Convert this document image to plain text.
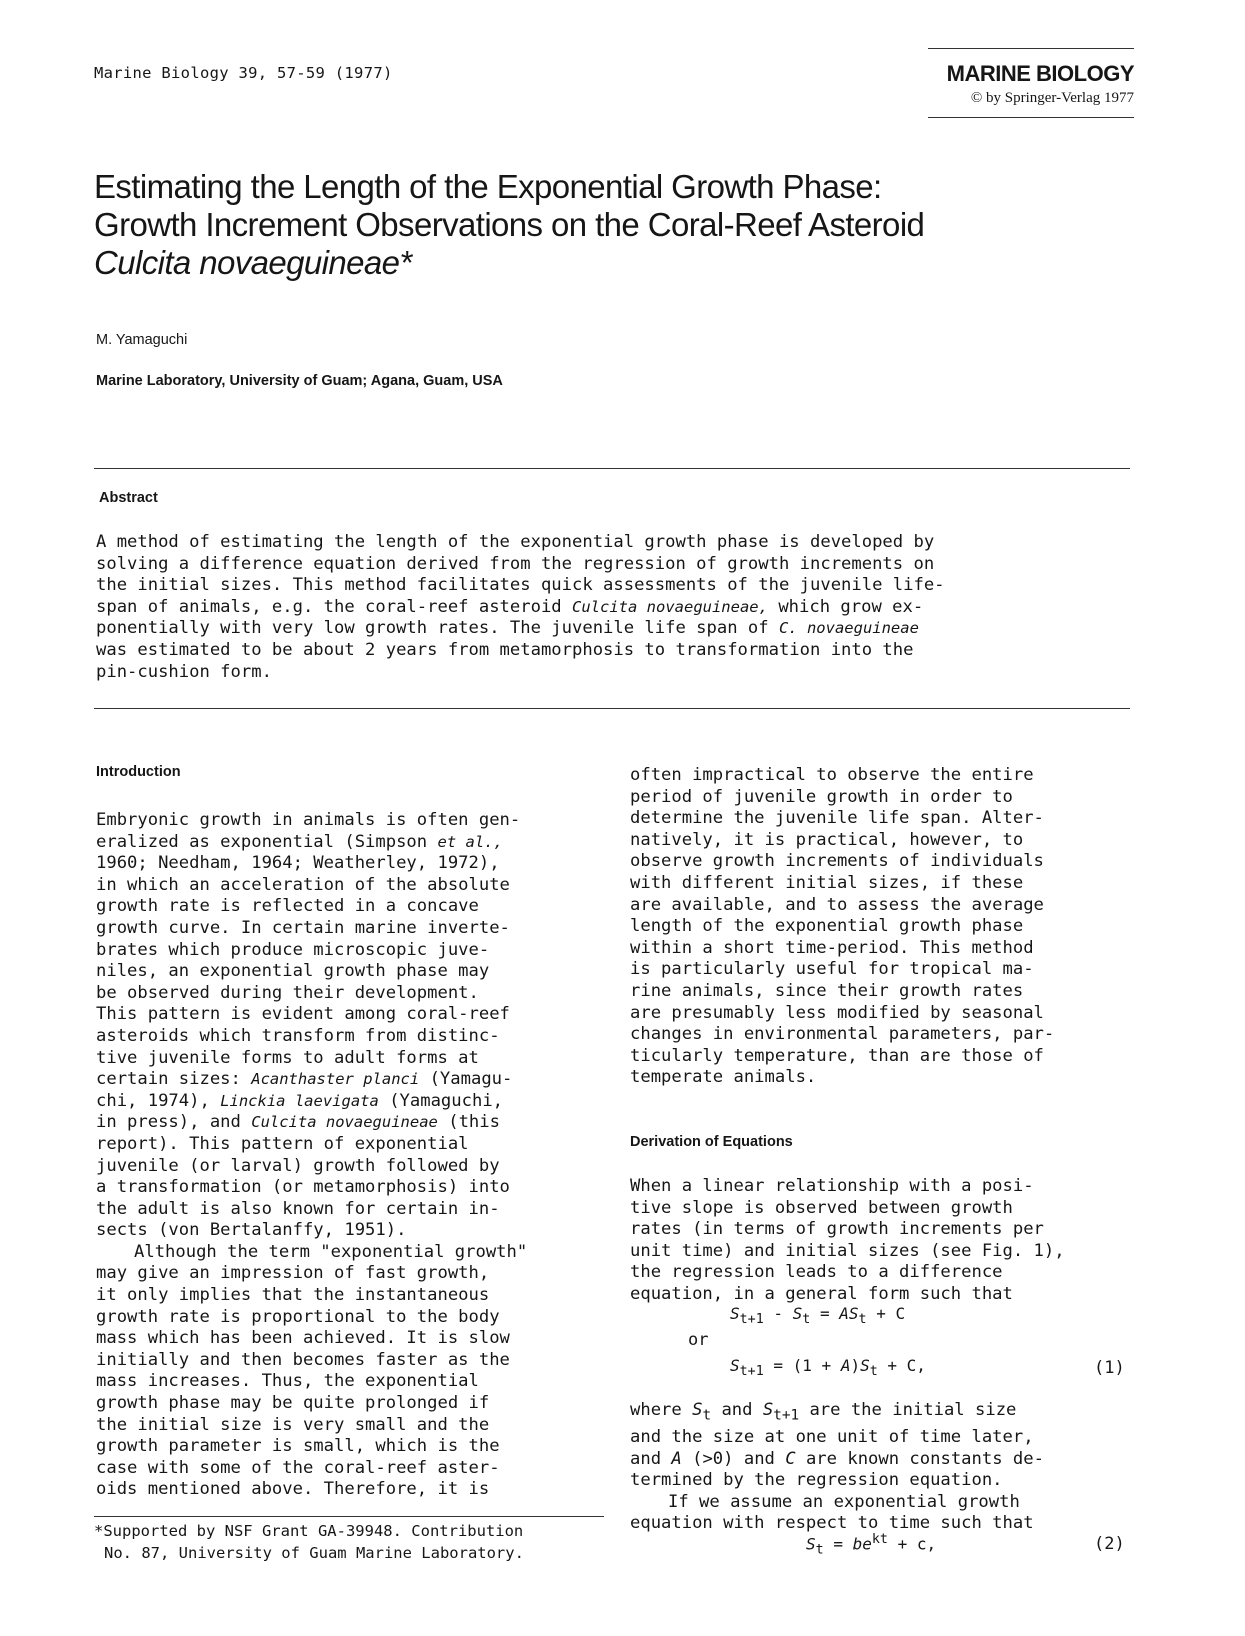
Marine Biology 39, 57-59 (1977)	MARINE BIOLOGY
© by Springer-Verlag 1977
Estimating the Length of the Exponential Growth Phase:
Growth Increment Observations on the Coral-Reef Asteroid
Culcita novaeguineae*
M. Yamaguchi
Marine Laboratory, University of Guam; Agana, Guam, USA
Abstract
A method of estimating the length of the exponential growth phase is developed by
solving a difference equation derived from the regression of growth increments on
the initial sizes. This method facilitates quick assessments of the juvenile life-
span of animals, e.g. the coral-reef asteroid Culcita novaeguineae, which grow ex-
ponentially with very low growth rates. The juvenile life span of C. novaeguineae
was estimated to be about 2 years from metamorphosis to transformation into the
pin-cushion form.
Introduction
Embryonic growth in animals is often gen-
eralized as exponential (Simpson et al.,
1960; Needham, 1964; Weatherley, 1972),
in which an acceleration of the absolute
growth rate is reflected in a concave
growth curve. In certain marine inverte-
brates which produce microscopic juve-
niles, an exponential growth phase may
be observed during their development.
This pattern is evident among coral-reef
asteroids which transform from distinc-
tive juvenile forms to adult forms at
certain sizes: Acanthaster planci (Yamagu-
chi, 1974), Linckia laevigata (Yamaguchi,
in press), and Culcita novaeguineae (this
report). This pattern of exponential
juvenile (or larval) growth followed by
a transformation (or metamorphosis) into
the adult is also known for certain in-
sects (von Bertalanffy, 1951).
Although the term "exponential growth"
may give an impression of fast growth,
it only implies that the instantaneous
growth rate is proportional to the body
mass which has been achieved. It is slow
initially and then becomes faster as the
mass increases. Thus, the exponential
growth phase may be quite prolonged if
the initial size is very small and the
growth parameter is small, which is the
case with some of the coral-reef aster-
oids mentioned above. Therefore, it is
often impractical to observe the entire
period of juvenile growth in order to
determine the juvenile life span. Alter-
natively, it is practical, however, to
observe growth increments of individuals
with different initial sizes, if these
are available, and to assess the average
length of the exponential growth phase
within a short time-period. This method
is particularly useful for tropical ma-
rine animals, since their growth rates
are presumably less modified by seasonal
changes in environmental parameters, par-
ticularly temperature, than are those of
temperate animals.
Derivation of Equations
When a linear relationship with a posi-
tive slope is observed between growth
rates (in terms of growth increments per
unit time) and initial sizes (see Fig. 1),
the regression leads to a difference
equation, in a general form such that
$S_{t+1} - S_t = AS_t + C$
or
$S_{t+1} = (1 + A)S_t + C$,	(1)
where $S_t$ and $S_{t+1}$ are the initial size
and the size at one unit of time later,
and A (>0) and C are known constants de-
termined by the regression equation.
If we assume an exponential growth
equation with respect to time such that
$S_t = be^{kt} + c$,	(2)
*Supported by NSF Grant GA-39948. Contribution
No. 87, University of Guam Marine Laboratory.
